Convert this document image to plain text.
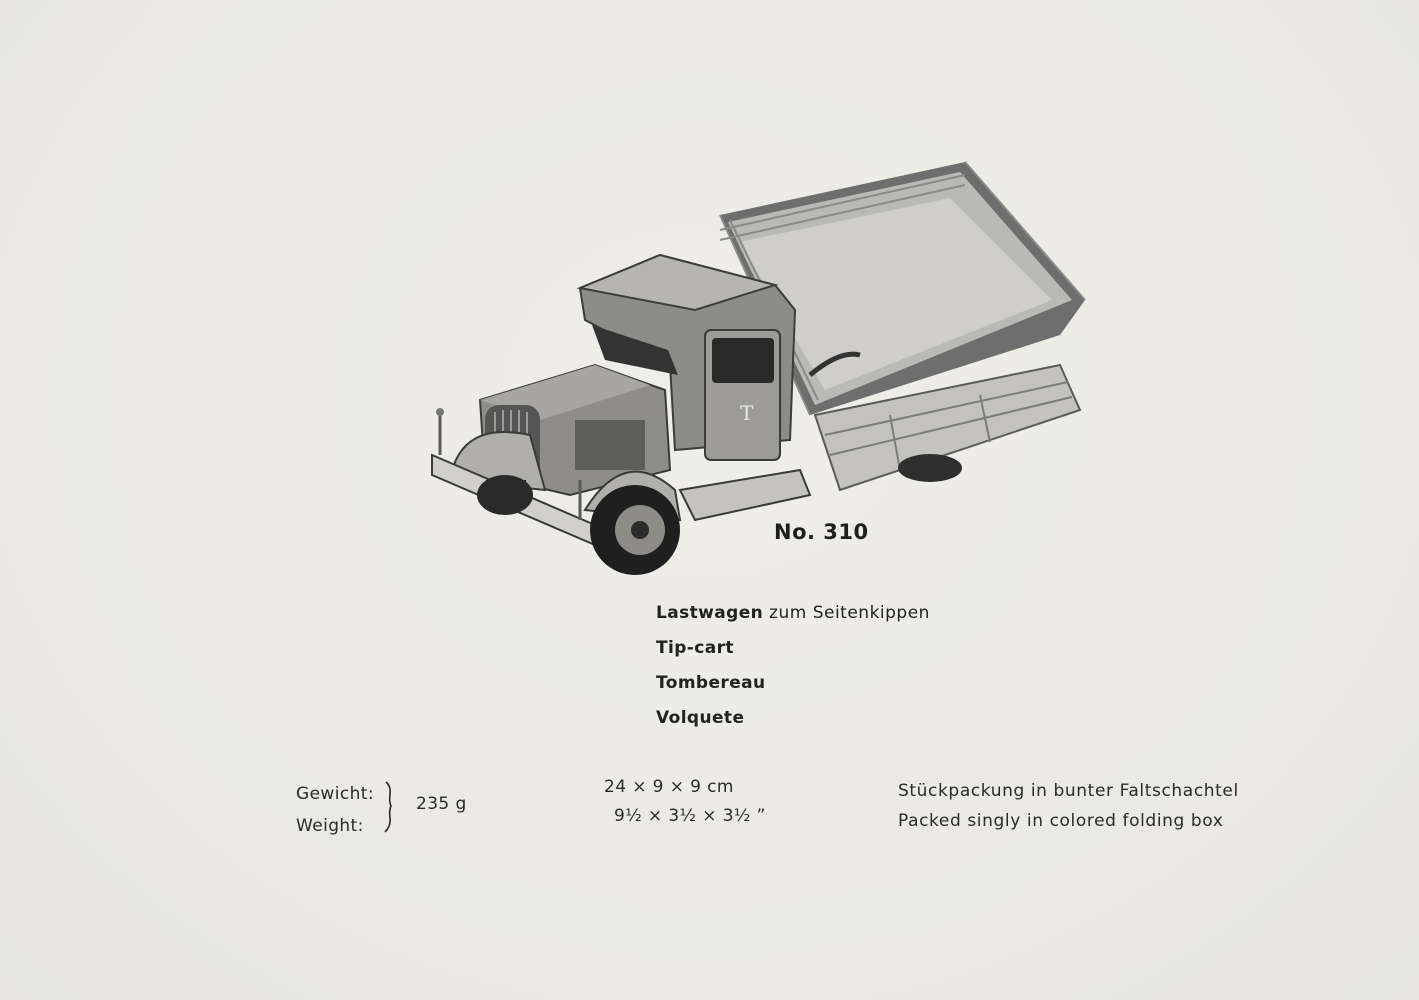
T
No. 310
Lastwagen zum Seitenkippen
Tip-cart
Tombereau
Volquete
Gewicht:
Weight:
235 g
24 × 9 × 9 cm
9½ × 3½ × 3½ ”
Stückpackung in bunter Faltschachtel
Packed singly in colored folding box
